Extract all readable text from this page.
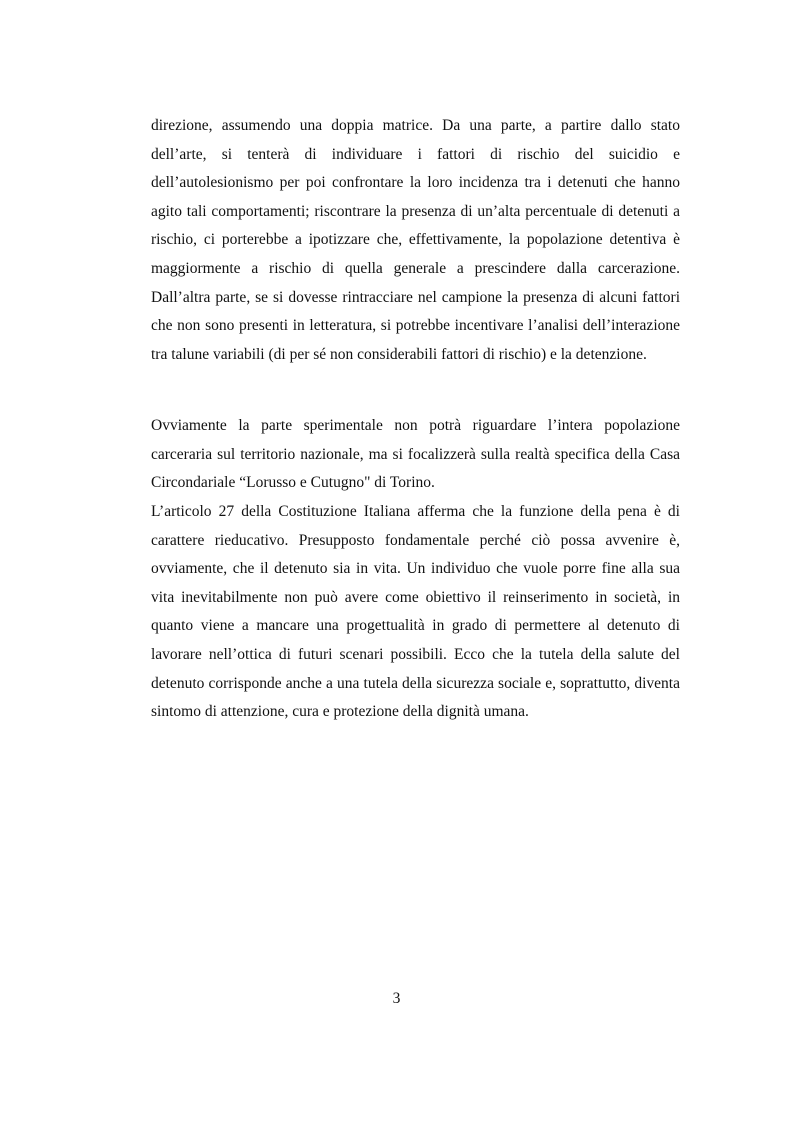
direzione, assumendo una doppia matrice. Da una parte, a partire dallo stato dell’arte, si tenterà di individuare i fattori di rischio del suicidio e dell’autolesionismo per poi confrontare la loro incidenza tra i detenuti che hanno agito tali comportamenti; riscontrare la presenza di un’alta percentuale di detenuti a rischio, ci porterebbe a ipotizzare che, effettivamente, la popolazione detentiva è maggiormente a rischio di quella generale a prescindere dalla carcerazione. Dall’altra parte, se si dovesse rintracciare nel campione la presenza di alcuni fattori che non sono presenti in letteratura, si potrebbe incentivare l’analisi dell’interazione tra talune variabili (di per sé non considerabili fattori di rischio) e la detenzione.

Ovviamente la parte sperimentale non potrà riguardare l’intera popolazione carceraria sul territorio nazionale, ma si focalizzerà sulla realtà specifica della Casa Circondariale “Lorusso e Cutugno" di Torino.

L’articolo 27 della Costituzione Italiana afferma che la funzione della pena è di carattere rieducativo. Presupposto fondamentale perché ciò possa avvenire è, ovviamente, che il detenuto sia in vita. Un individuo che vuole porre fine alla sua vita inevitabilmente non può avere come obiettivo il reinserimento in società, in quanto viene a mancare una progettualità in grado di permettere al detenuto di lavorare nell’ottica di futuri scenari possibili. Ecco che la tutela della salute del detenuto corrisponde anche a una tutela della sicurezza sociale e, soprattutto, diventa sintomo di attenzione, cura e protezione della dignità umana.

3
